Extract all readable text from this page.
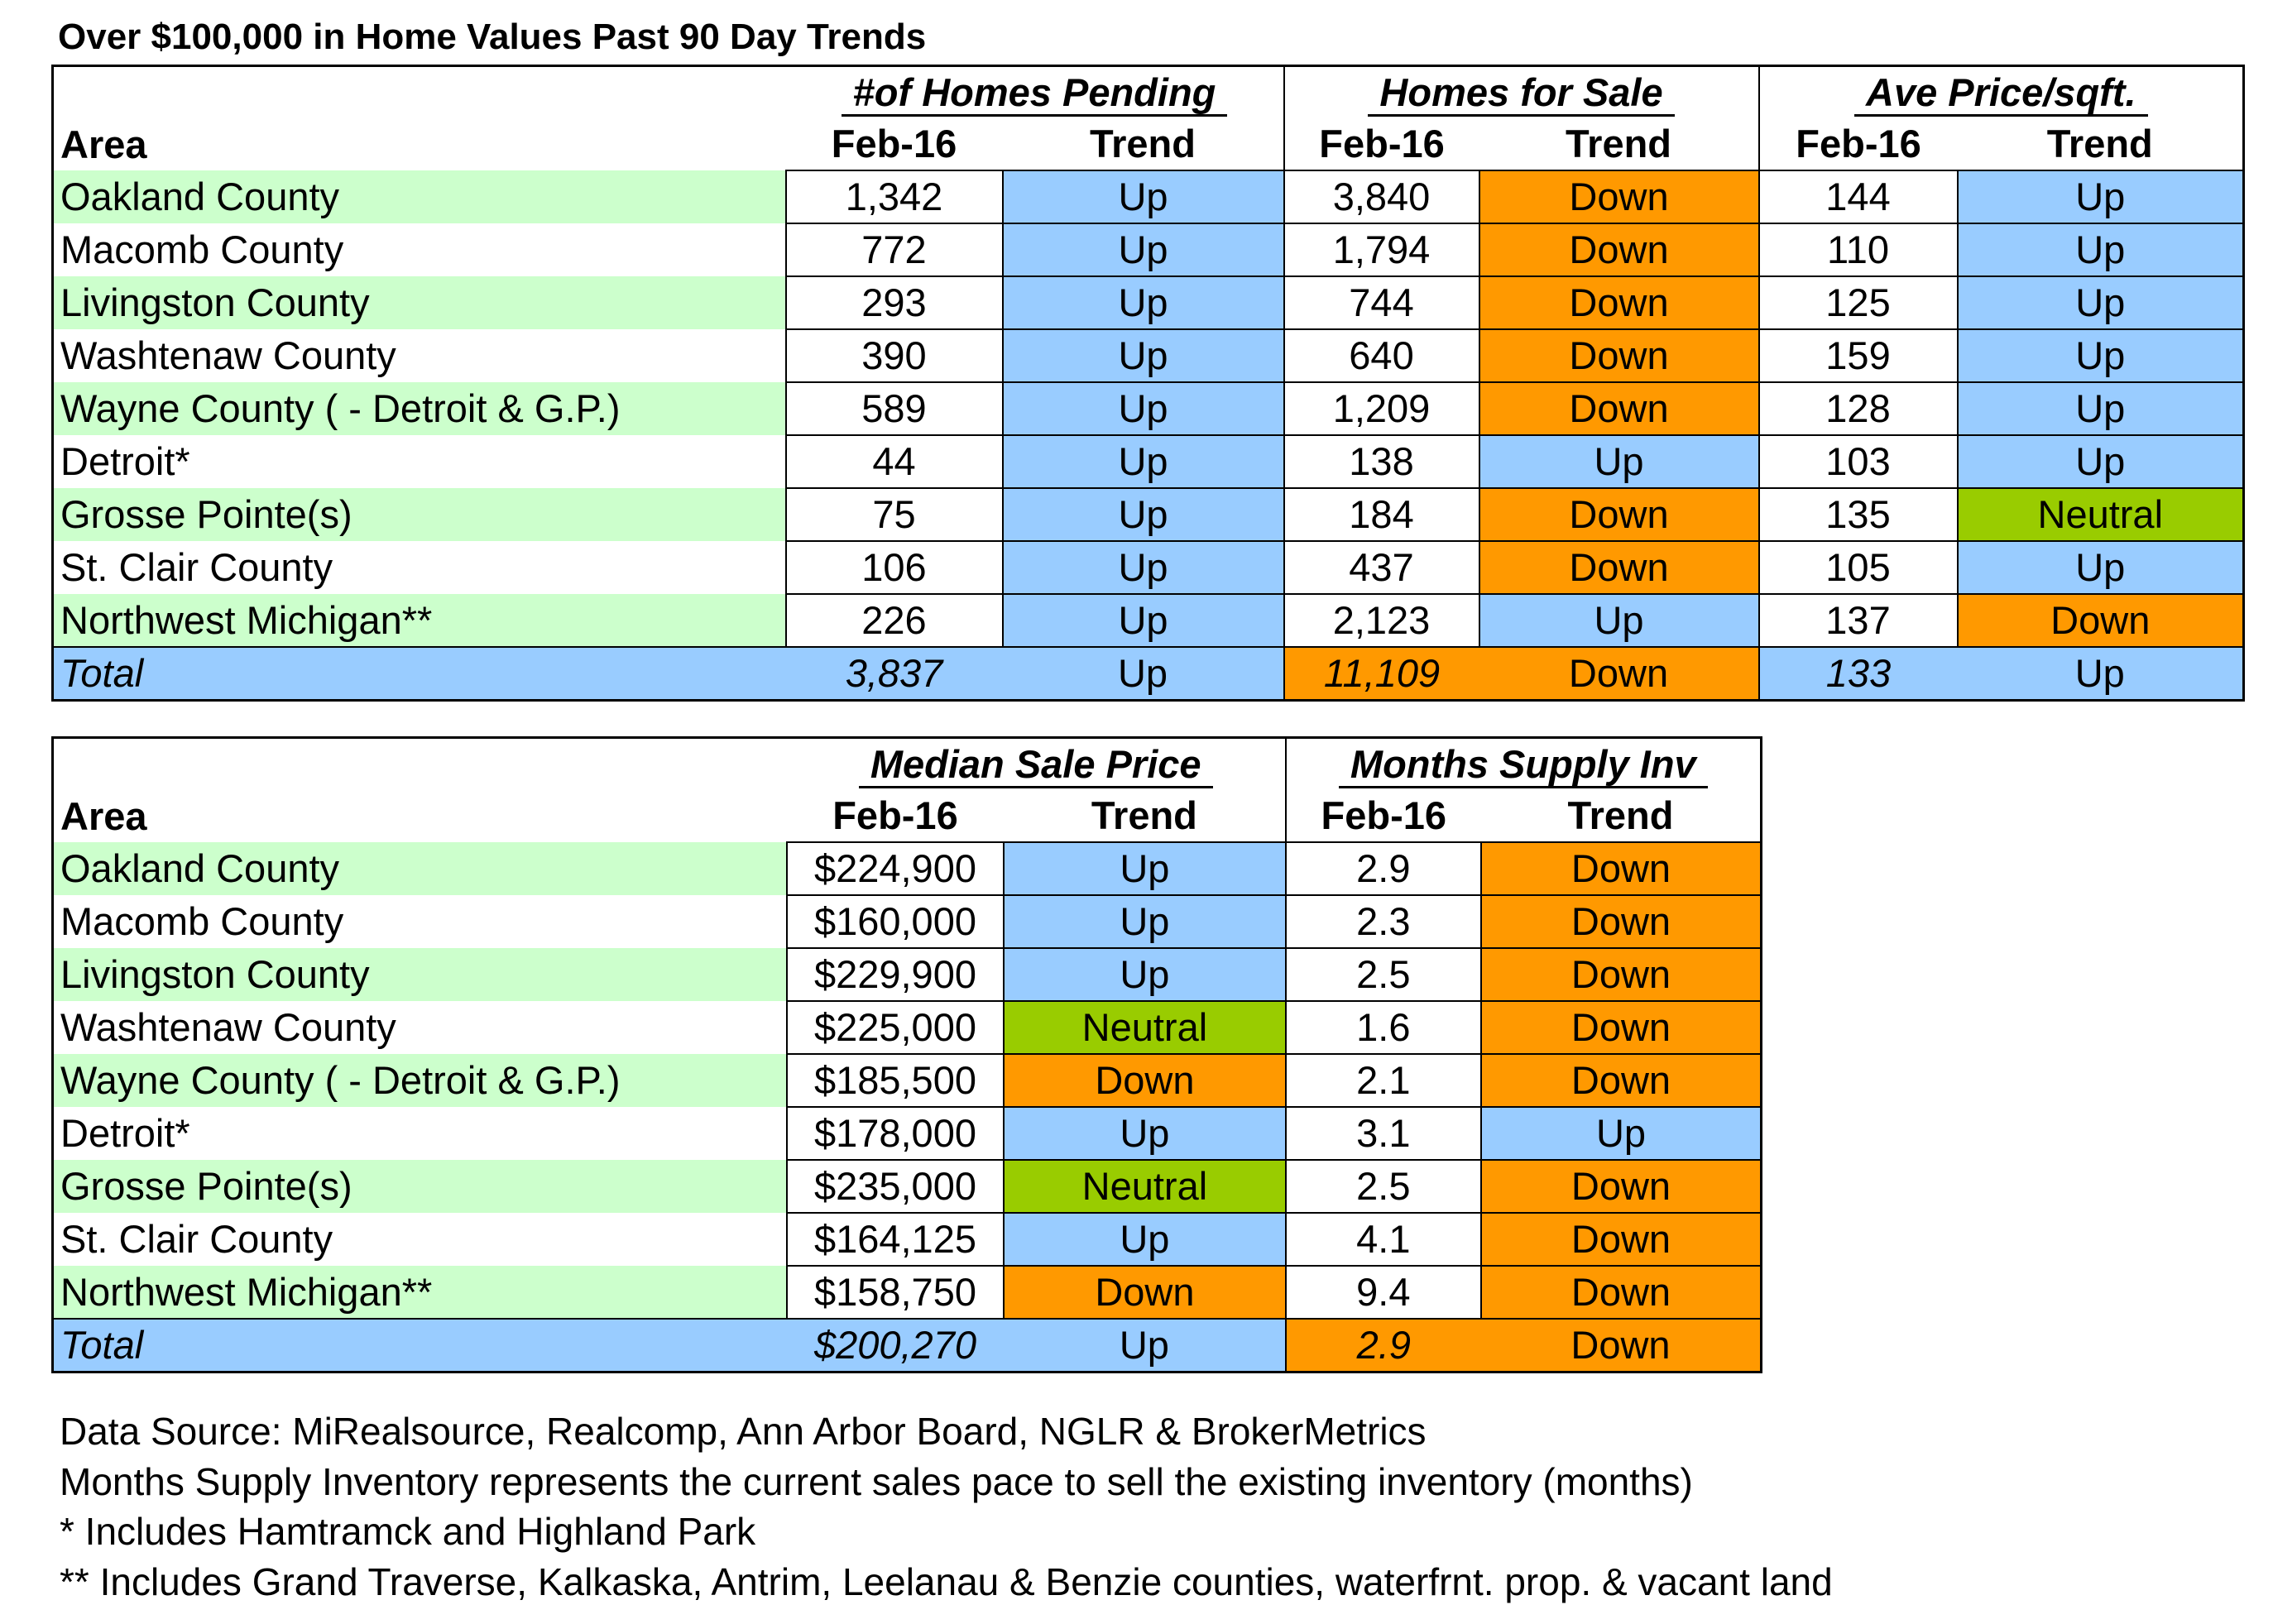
Over $100,000 in Home Values Past 90 Day Trends
	#of Homes Pending		Homes for Sale		Ave Price/sqft.	
Area	Feb-16	Trend	Feb-16	Trend	Feb-16	Trend
Oakland County	1,342	Up	3,840	Down	144	Up
Macomb County	772	Up	1,794	Down	110	Up
Livingston County	293	Up	744	Down	125	Up
Washtenaw County	390	Up	640	Down	159	Up
Wayne County ( - Detroit & G.P.)	589	Up	1,209	Down	128	Up
Detroit*	44	Up	138	Up	103	Up
Grosse Pointe(s)	75	Up	184	Down	135	Neutral
St. Clair County	106	Up	437	Down	105	Up
Northwest Michigan**	226	Up	2,123	Up	137	Down
Total	3,837	Up	11,109	Down	133	Up
	Median Sale Price		Months Supply Inv	
Area	Feb-16	Trend	Feb-16	Trend
Oakland County	$224,900	Up	2.9	Down
Macomb County	$160,000	Up	2.3	Down
Livingston County	$229,900	Up	2.5	Down
Washtenaw County	$225,000	Neutral	1.6	Down
Wayne County ( - Detroit & G.P.)	$185,500	Down	2.1	Down
Detroit*	$178,000	Up	3.1	Up
Grosse Pointe(s)	$235,000	Neutral	2.5	Down
St. Clair County	$164,125	Up	4.1	Down
Northwest Michigan**	$158,750	Down	9.4	Down
Total	$200,270	Up	2.9	Down
Data Source: MiRealsource, Realcomp, Ann Arbor Board, NGLR & BrokerMetrics
Months Supply Inventory represents the current sales pace to sell the existing inventory (months)
* Includes Hamtramck and Highland Park
** Includes Grand Traverse, Kalkaska, Antrim, Leelanau & Benzie counties, waterfrnt. prop. & vacant land
